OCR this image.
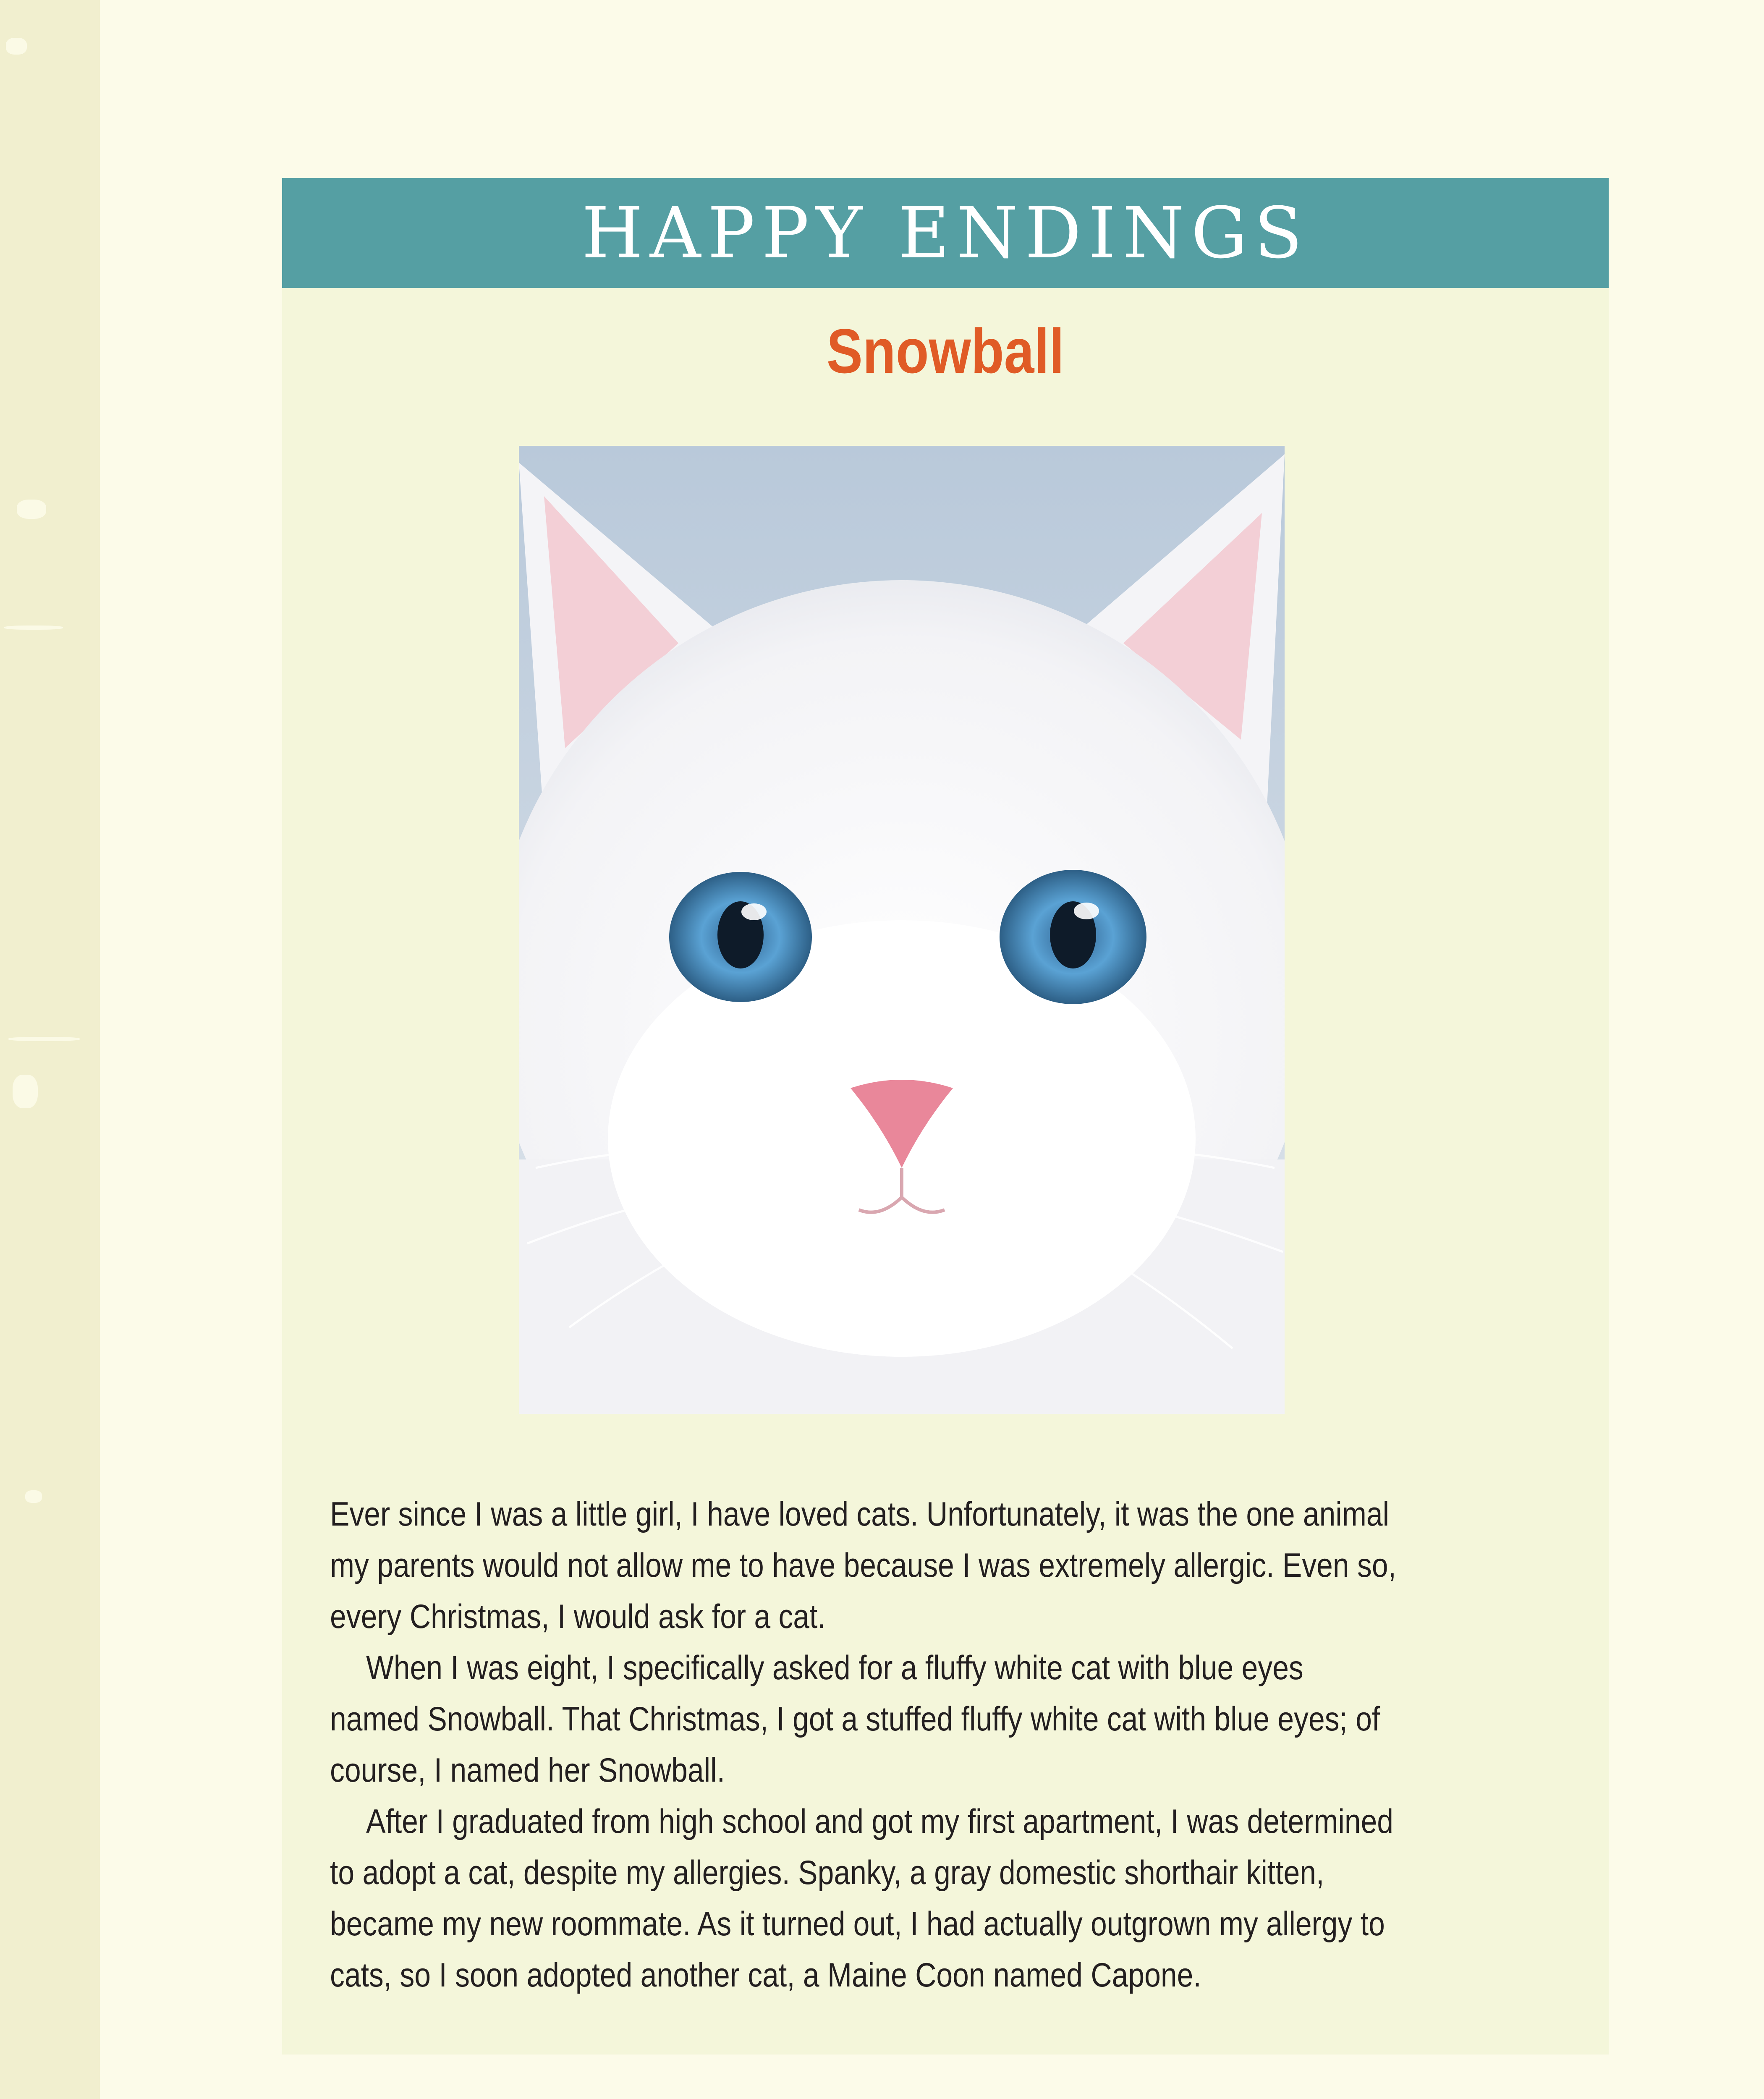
HAPPY ENDINGS
Snowball

Ever since I was a little girl, I have loved cats. Unfortunately, it was the one animal
my parents would not allow me to have because I was extremely allergic. Even so,
every Christmas, I would ask for a cat.

When I was eight, I specifically asked for a fluffy white cat with blue eyes
named Snowball. That Christmas, I got a stuffed fluffy white cat with blue eyes; of
course, I named her Snowball.

After I graduated from high school and got my first apartment, I was determined
to adopt a cat, despite my allergies. Spanky, a gray domestic shorthair kitten,
became my new roommate. As it turned out, I had actually outgrown my allergy to
cats, so I soon adopted another cat, a Maine Coon named Capone.
